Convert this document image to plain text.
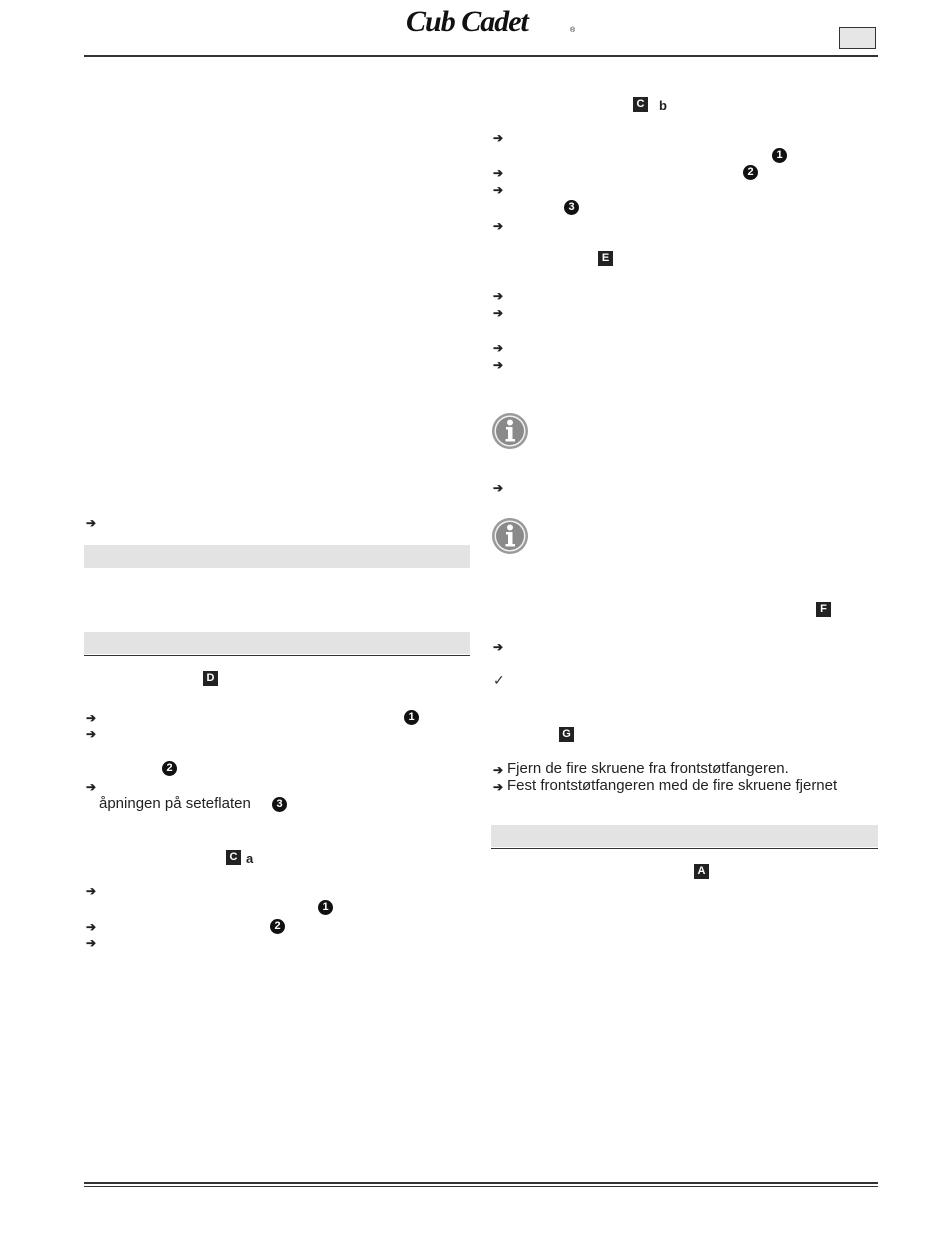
Cub Cadet	®
➔
D
➔	1
➔
2
➔
åpningen på seteflaten	3
C a
➔
1
➔	2
➔
C b
➔
1
➔	2
➔
3
➔
E
➔
➔
➔
➔
➔
F
➔
✓
G
➔ Fjern de fire skruene fra frontstøtfangeren.
➔ Fest frontstøtfangeren med de fire skruene fjernet
A
